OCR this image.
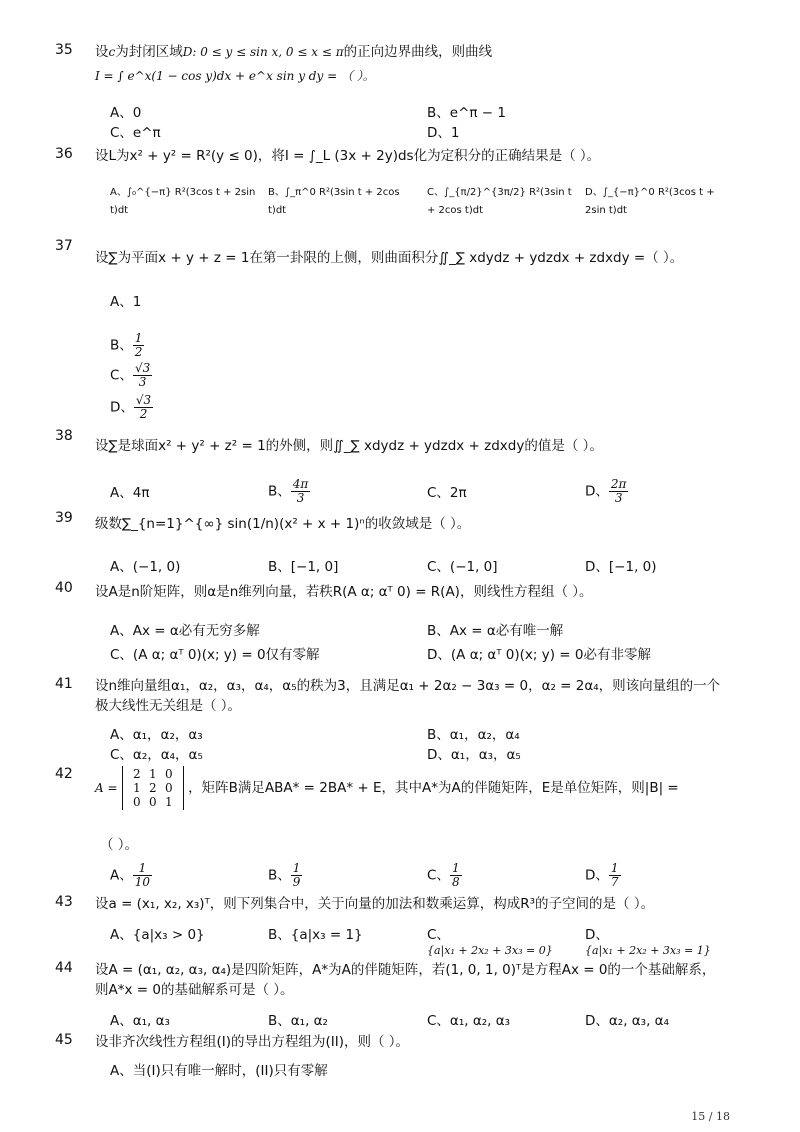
35 设c为封闭区域D: 0 ≤ y ≤ sin x, 0 ≤ x ≤ π的正向边界曲线，则曲线
I = ∫ e^x(1 − cos y)dx + e^x sin y dy = （ ）。
A、0	B、e^π − 1
C、e^π	D、1
36 设L为x² + y² = R²(y ≤ 0)，将I = ∫_L (3x + 2y)ds化为定积分的正确结果是（ ）。
A、∫₀^{−π} R²(3cos t + 2sin t)dt
B、∫_π^0 R²(3sin t + 2cos t)dt
C、∫_{π/2}^{3π/2} R²(3sin t + 2cos t)dt
D、∫_{−π}^0 R²(3cos t + 2sin t)dt
37
设∑为平面x + y + z = 1在第一卦限的上侧，则曲面积分∬_∑ xdydz + ydzdx + zdxdy =（ ）。
A、1
B、 $\frac{1}{2}$
C、 $\frac{√3}{3}$
D、 $\frac{√3}{2}$
38
设∑是球面x² + y² + z² = 1的外侧，则∬_∑ xdydz + ydzdx + zdxdy的值是（ ）。
A、4π	B、 $\frac{4\pi}{3}$	C、2π	D、 $\frac{2\pi}{3}$
39 级数∑_{n=1}^{∞} sin(1/n)(x² + x + 1)ⁿ的收敛域是（ ）。
A、(−1, 0)	B、[−1, 0]	C、(−1, 0]	D、[−1, 0)
40 设A是n阶矩阵，则α是n维列向量，若秩R(A α; αᵀ 0) = R(A)，则线性方程组（ ）。
A、Ax = α必有无穷多解	B、Ax = α必有唯一解
C、(A α; αᵀ 0)(x; y) = 0仅有零解	D、(A α; αᵀ 0)(x; y) = 0必有非零解
41 设n维向量组α₁，α₂，α₃，α₄，α₅的秩为3，且满足α₁ + 2α₂ − 3α₃ = 0，α₂ = 2α₄，则该向量组的一个
极大线性无关组是（ ）。
A、α₁，α₂，α₃	B、α₁，α₂，α₄
C、α₂，α₄，α₅	D、α₁，α₃，α₅
42
A =
2 1 0
1 2 0
0 0 1
，矩阵B满足ABA* = 2BA* + E，其中A*为A的伴随矩阵，E是单位矩阵，则|B| =
（ ）。
A、 $\frac{1}{10}$	B、 $\frac{1}{9}$	C、 $\frac{1}{8}$	D、 $\frac{1}{7}$
43 设a = (x₁, x₂, x₃)ᵀ，则下列集合中，关于向量的加法和数乘运算，构成R³的子空间的是（ ）。
A、{a|x₃ > 0}	B、{a|x₃ = 1}	C、
{a|x₁ + 2x₂ + 3x₃ = 0}
D、
{a|x₁ + 2x₂ + 3x₃ = 1}
44 设A = (α₁, α₂, α₃, α₄)是四阶矩阵，A*为A的伴随矩阵，若(1, 0, 1, 0)ᵀ是方程Ax = 0的一个基础解系，
则A*x = 0的基础解系可是（ ）。
A、α₁, α₃	B、α₁, α₂	C、α₁, α₂, α₃	D、α₂, α₃, α₄
45 设非齐次线性方程组(I)的导出方程组为(II)，则（ ）。
A、当(I)只有唯一解时，(II)只有零解
15 / 18
